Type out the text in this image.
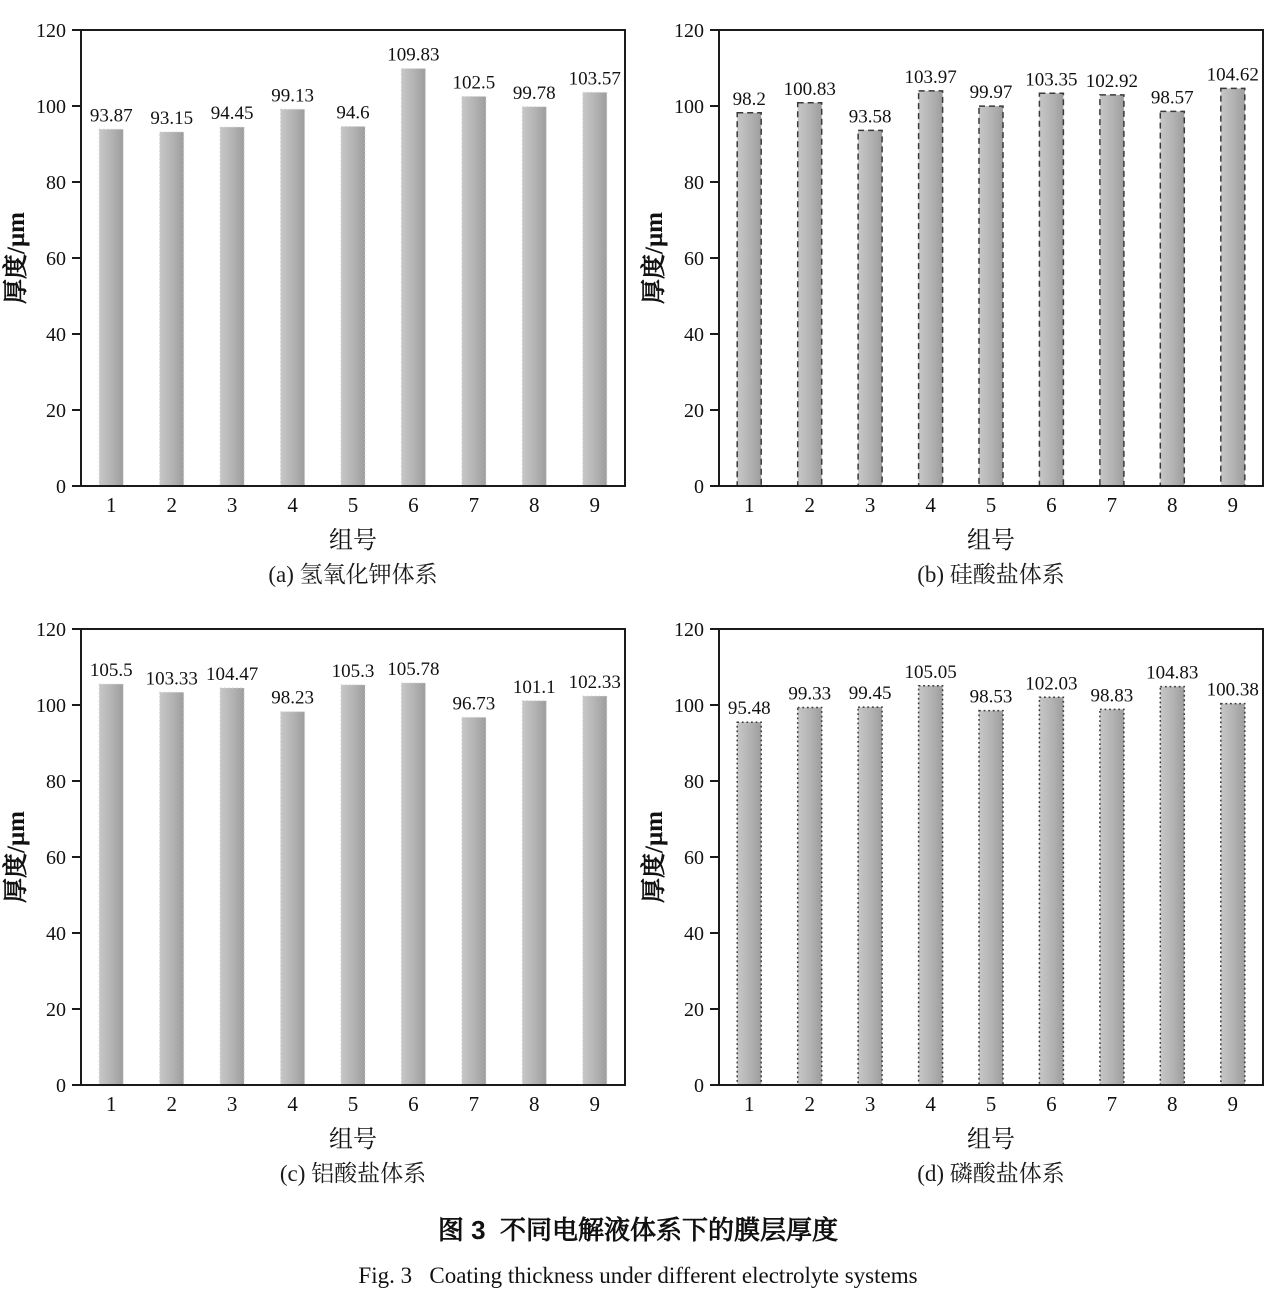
93.87
1
93.15
2
94.45
3
99.13
4
94.6
5
109.83
6
102.5
7
99.78
8
103.57
9
0
20
40
60
80
100
120
厚度/μm
组号
(a) 氢氧化钾体系
98.2
1
100.83
2
93.58
3
103.97
4
99.97
5
103.35
6
102.92
7
98.57
8
104.62
9
0
20
40
60
80
100
120
厚度/μm
组号
(b) 硅酸盐体系
105.5
1
103.33
2
104.47
3
98.23
4
105.3
5
105.78
6
96.73
7
101.1
8
102.33
9
0
20
40
60
80
100
120
厚度/μm
组号
(c) 铝酸盐体系
95.48
1
99.33
2
99.45
3
105.05
4
98.53
5
102.03
6
98.83
7
104.83
8
100.38
9
0
20
40
60
80
100
120
厚度/μm
组号
(d) 磷酸盐体系
图 3  不同电解液体系下的膜层厚度
Fig. 3   Coating thickness under different electrolyte systems
